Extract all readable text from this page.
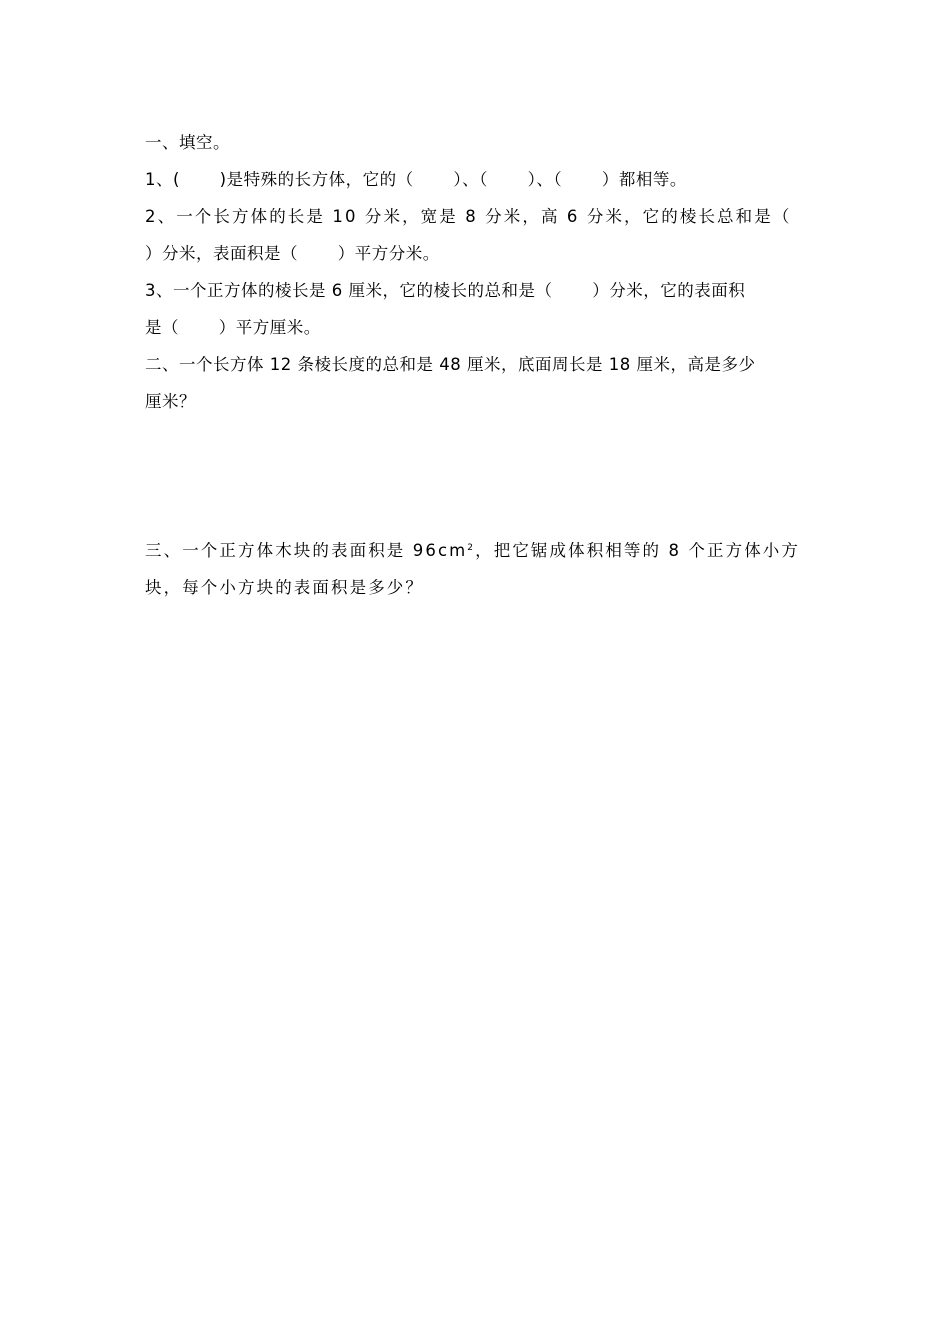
一、填空。
1、(　　 )是特殊的长方体，它的（　　 ）、（　　 ）、（　　 ）都相等。
2、一个长方体的长是 10 分米，宽是 8 分米，高 6 分米，它的棱长总和是（
）分米，表面积是（　　 ）平方分米。
3、一个正方体的棱长是 6 厘米，它的棱长的总和是（　　 ）分米，它的表面积
是（　　 ）平方厘米。
二、一个长方体 12 条棱长度的总和是 48 厘米，底面周长是 18 厘米，高是多少
厘米？
三、一个正方体木块的表面积是 $96cm^2$，把它锯成体积相等的 8 个正方体小方
块，每个小方块的表面积是多少？
